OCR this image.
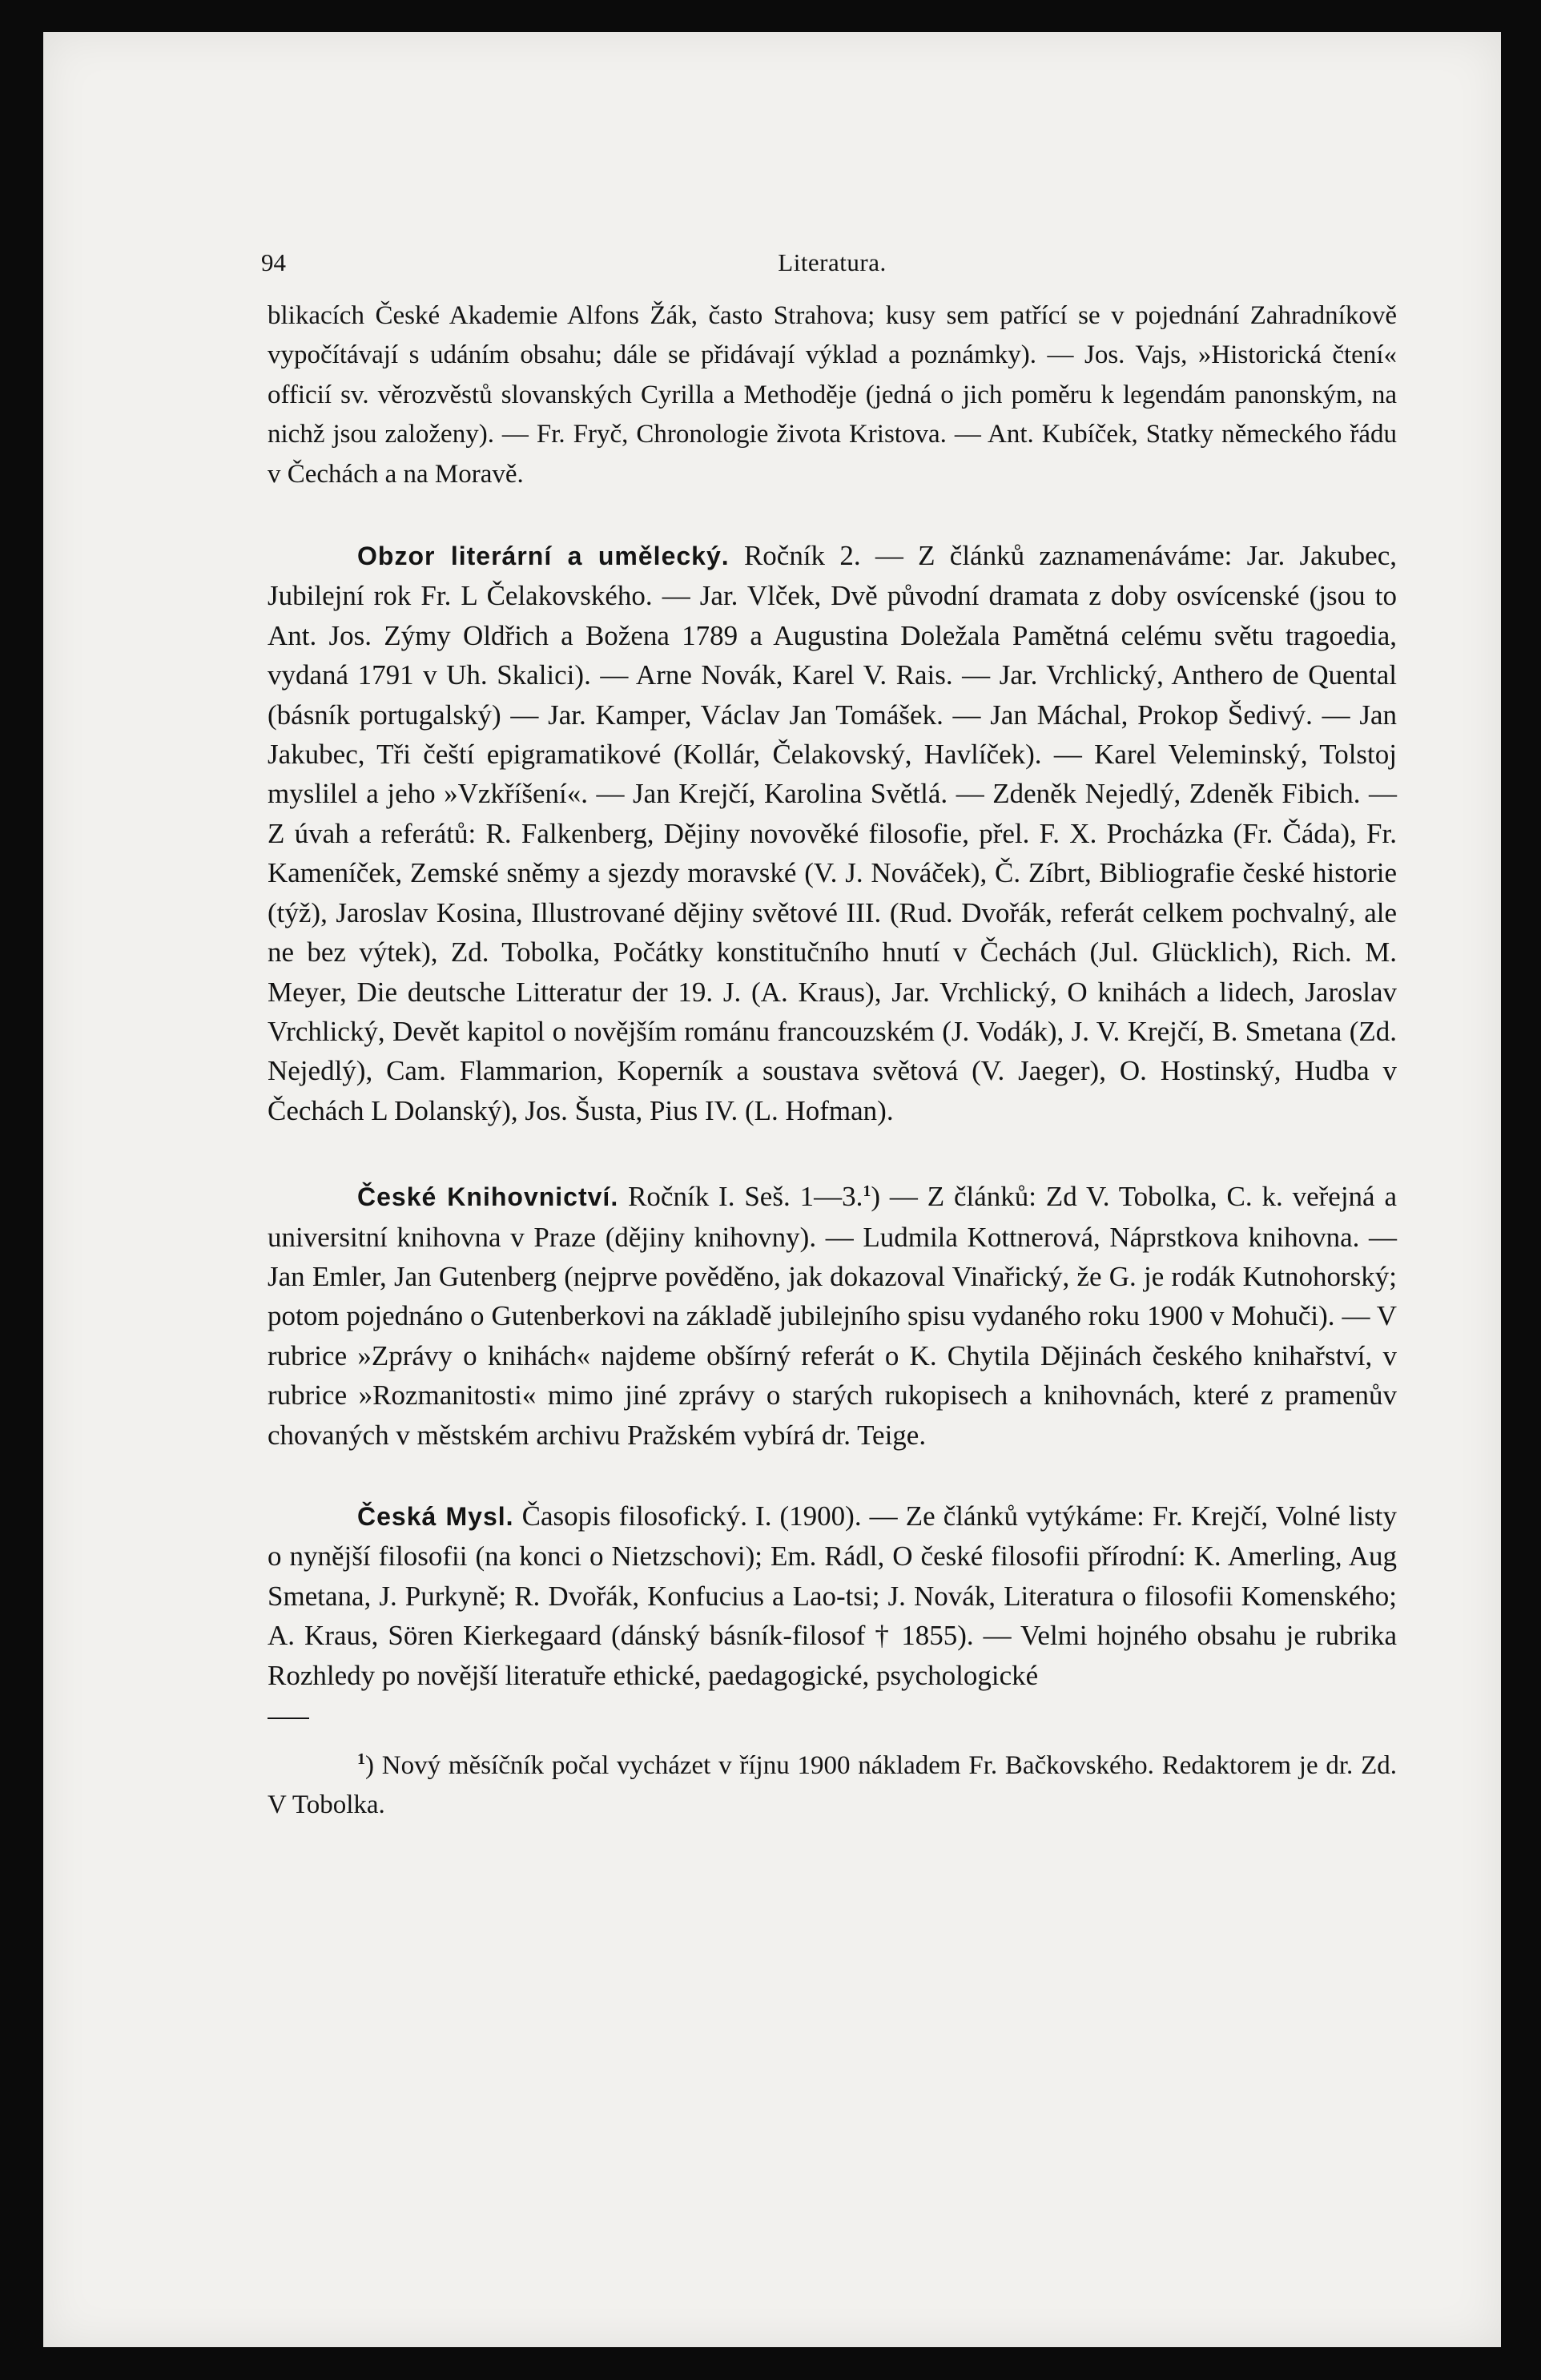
94	Literatura.

blikacích České Akademie Alfons Žák, často Strahova; kusy sem patřící se v pojednání Zahradníkově vypočítávají s udáním obsahu; dále se přidávají výklad a poznámky). — Jos. Vajs, »Historická čtení« officií sv. věrozvěstů slovanských Cyrilla a Methoděje (jedná o jich poměru k legendám panonským, na nichž jsou založeny). — Fr. Fryč, Chronologie života Kristova. — Ant. Kubíček, Statky německého řádu v Čechách a na Moravě.

Obzor literární a umělecký. Ročník 2. — Z článků zaznamenáváme: Jar. Jakubec, Jubilejní rok Fr. L Čelakovského. — Jar. Vlček, Dvě původní dramata z doby osvícenské (jsou to Ant. Jos. Zýmy Oldřich a Božena 1789 a Augustina Doležala Pamětná celému světu tragoedia, vydaná 1791 v Uh. Skalici). — Arne Novák, Karel V. Rais. — Jar. Vrchlický, Anthero de Quental (básník portugalský) — Jar. Kamper, Václav Jan Tomášek. — Jan Máchal, Prokop Šedivý. — Jan Jakubec, Tři čeští epigramatikové (Kollár, Čelakovský, Havlíček). — Karel Veleminský, Tolstoj myslilel a jeho »Vzkříšení«. — Jan Krejčí, Karolina Světlá. — Zdeněk Nejedlý, Zdeněk Fibich. — Z úvah a referátů: R. Falkenberg, Dějiny novověké filosofie, přel. F. X. Procházka (Fr. Čáda), Fr. Kameníček, Zemské sněmy a sjezdy moravské (V. J. Nováček), Č. Zíbrt, Bibliografie české historie (týž), Jaroslav Kosina, Illustrované dějiny světové III. (Rud. Dvořák, referát celkem pochvalný, ale ne bez výtek), Zd. Tobolka, Počátky konstitučního hnutí v Čechách (Jul. Glücklich), Rich. M. Meyer, Die deutsche Litteratur der 19. J. (A. Kraus), Jar. Vrchlický, O knihách a lidech, Jaroslav Vrchlický, Devět kapitol o novějším románu francouzském (J. Vodák), J. V. Krejčí, B. Smetana (Zd. Nejedlý), Cam. Flammarion, Koperník a soustava světová (V. Jaeger), O. Hostinský, Hudba v Čechách L Dolanský), Jos. Šusta, Pius IV. (L. Hofman).

České Knihovnictví. Ročník I. Seš. 1—3.$^1$) — Z článků: Zd V. Tobolka, C. k. veřejná a universitní knihovna v Praze (dějiny knihovny). — Ludmila Kottnerová, Náprstkova knihovna. — Jan Emler, Jan Gutenberg (nejprve pověděno, jak dokazoval Vinařický, že G. je rodák Kutnohorský; potom pojednáno o Gutenberkovi na základě jubilejního spisu vydaného roku 1900 v Mohuči). — V rubrice »Zprávy o knihách« najdeme obšírný referát o K. Chytila Dějinách českého knihařství, v rubrice »Rozmanitosti« mimo jiné zprávy o starých rukopisech a knihovnách, které z pramenův chovaných v městském archivu Pražském vybírá dr. Teige.

Česká Mysl. Časopis filosofický. I. (1900). — Ze článků vytýkáme: Fr. Krejčí, Volné listy o nynější filosofii (na konci o Nietzschovi); Em. Rádl, O české filosofii přírodní: K. Amerling, Aug Smetana, J. Purkyně; R. Dvořák, Konfucius a Lao-tsi; J. Novák, Literatura o filosofii Komenského; A. Kraus, Sören Kierkegaard (dánský básník-filosof † 1855). — Velmi hojného obsahu je rubrika Rozhledy po novější literatuře ethické, paedagogické, psychologické

$^1$) Nový měsíčník počal vycházet v říjnu 1900 nákladem Fr. Bačkovského. Redaktorem je dr. Zd. V Tobolka.
